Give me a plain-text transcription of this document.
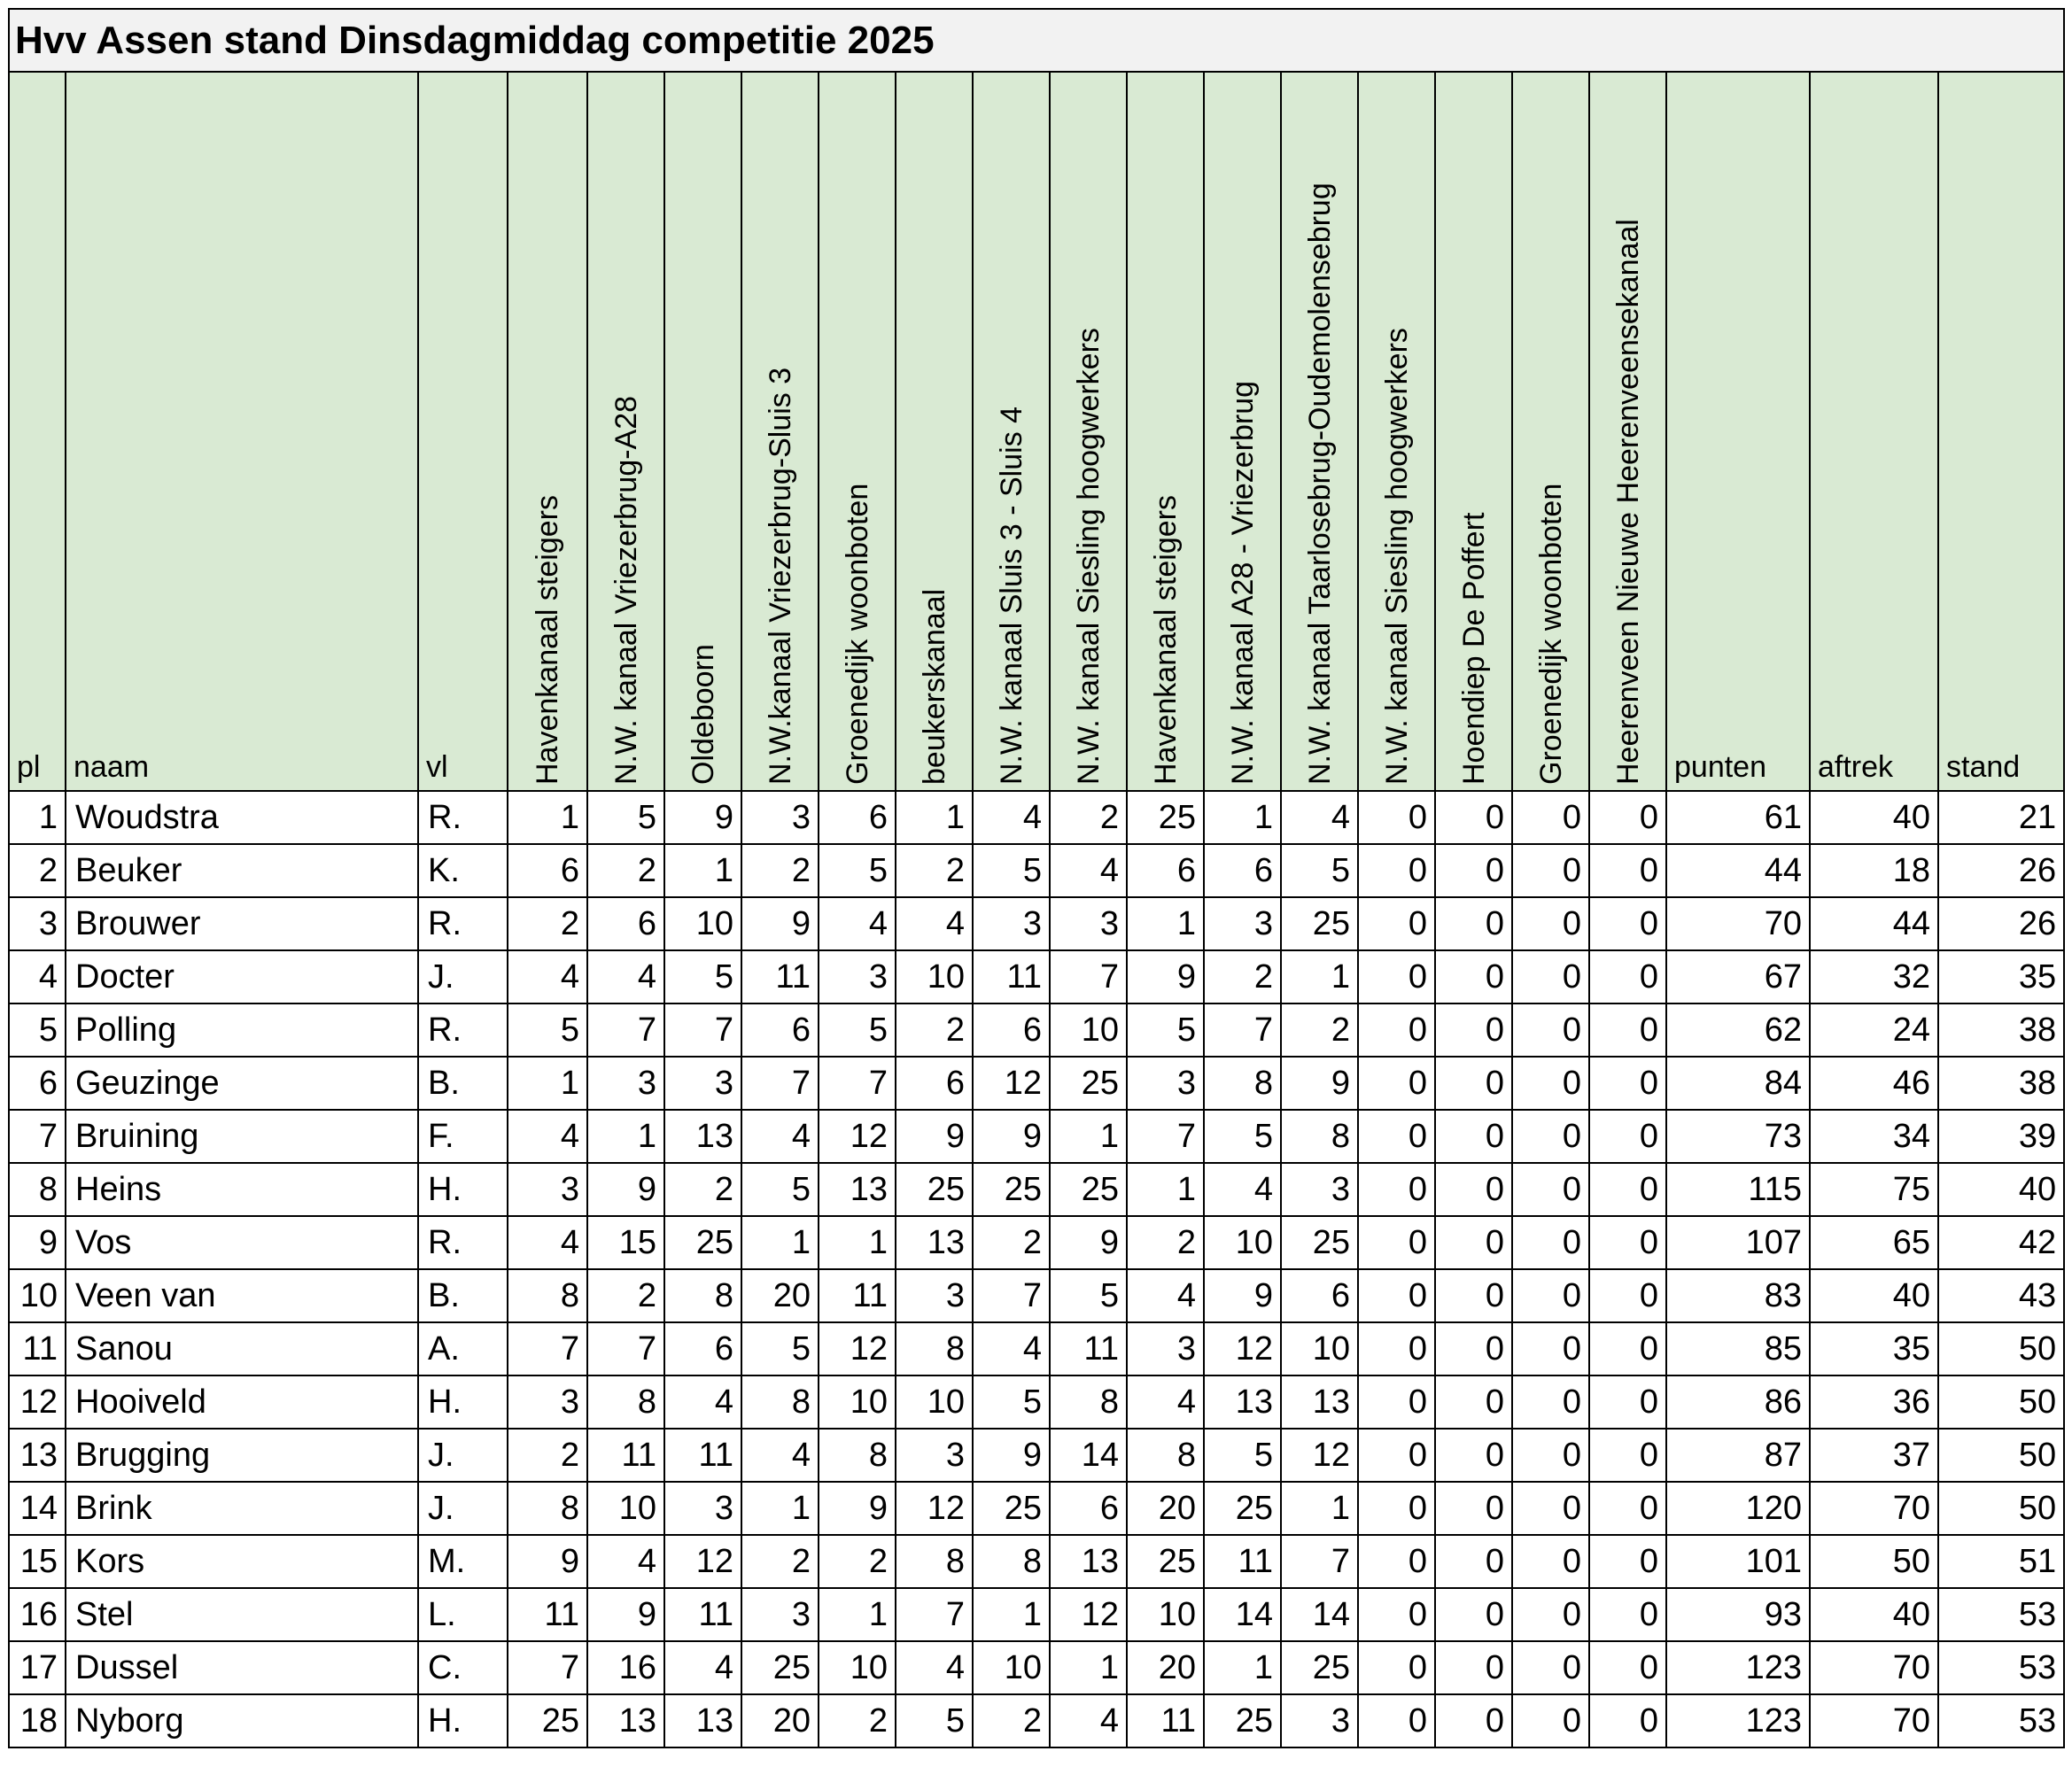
Hvv Assen stand Dinsdagmiddag competitie 2025																				
pl	naam	vl	Havenkanaal steigers	N.W. kanaal Vriezerbrug-A28	Oldeboorn	N.W.kanaal Vriezerbrug-Sluis 3	Groenedijk woonboten	beukerskanaal	N.W. kanaal Sluis 3 - Sluis 4	N.W. kanaal Siesling hoogwerkers	Havenkanaal steigers	N.W. kanaal A28 - Vriezerbrug	N.W. kanaal Taarlosebrug-Oudemolensebrug	N.W. kanaal Siesling hoogwerkers	Hoendiep De Poffert	Groenedijk woonboten	Heerenveen Nieuwe Heerenveensekanaal	punten	aftrek	stand
1	Woudstra	R.	1	5	9	3	6	1	4	2	25	1	4	0	0	0	0	61	40	21
2	Beuker	K.	6	2	1	2	5	2	5	4	6	6	5	0	0	0	0	44	18	26
3	Brouwer	R.	2	6	10	9	4	4	3	3	1	3	25	0	0	0	0	70	44	26
4	Docter	J.	4	4	5	11	3	10	11	7	9	2	1	0	0	0	0	67	32	35
5	Polling	R.	5	7	7	6	5	2	6	10	5	7	2	0	0	0	0	62	24	38
6	Geuzinge	B.	1	3	3	7	7	6	12	25	3	8	9	0	0	0	0	84	46	38
7	Bruining	F.	4	1	13	4	12	9	9	1	7	5	8	0	0	0	0	73	34	39
8	Heins	H.	3	9	2	5	13	25	25	25	1	4	3	0	0	0	0	115	75	40
9	Vos	R.	4	15	25	1	1	13	2	9	2	10	25	0	0	0	0	107	65	42
10	Veen van	B.	8	2	8	20	11	3	7	5	4	9	6	0	0	0	0	83	40	43
11	Sanou	A.	7	7	6	5	12	8	4	11	3	12	10	0	0	0	0	85	35	50
12	Hooiveld	H.	3	8	4	8	10	10	5	8	4	13	13	0	0	0	0	86	36	50
13	Brugging	J.	2	11	11	4	8	3	9	14	8	5	12	0	0	0	0	87	37	50
14	Brink	J.	8	10	3	1	9	12	25	6	20	25	1	0	0	0	0	120	70	50
15	Kors	M.	9	4	12	2	2	8	8	13	25	11	7	0	0	0	0	101	50	51
16	Stel	L.	11	9	11	3	1	7	1	12	10	14	14	0	0	0	0	93	40	53
17	Dussel	C.	7	16	4	25	10	4	10	1	20	1	25	0	0	0	0	123	70	53
18	Nyborg	H.	25	13	13	20	2	5	2	4	11	25	3	0	0	0	0	123	70	53
